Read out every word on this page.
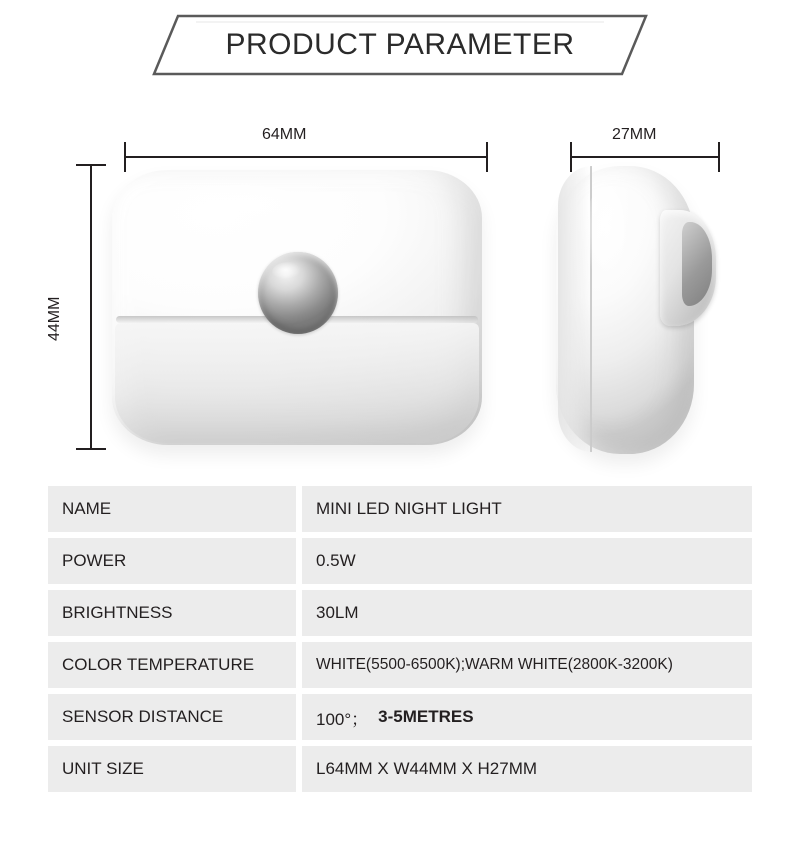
PRODUCT PARAMETER
64MM
44MM
27MM
NAME	MINI LED NIGHT LIGHT
POWER	0.5W
BRIGHTNESS	30LM
COLOR TEMPERATURE	WHITE(5500-6500K);WARM WHITE(2800K-3200K)
SENSOR DISTANCE	100°； 3-5METRES
UNIT SIZE	L64MM X W44MM X H27MM
